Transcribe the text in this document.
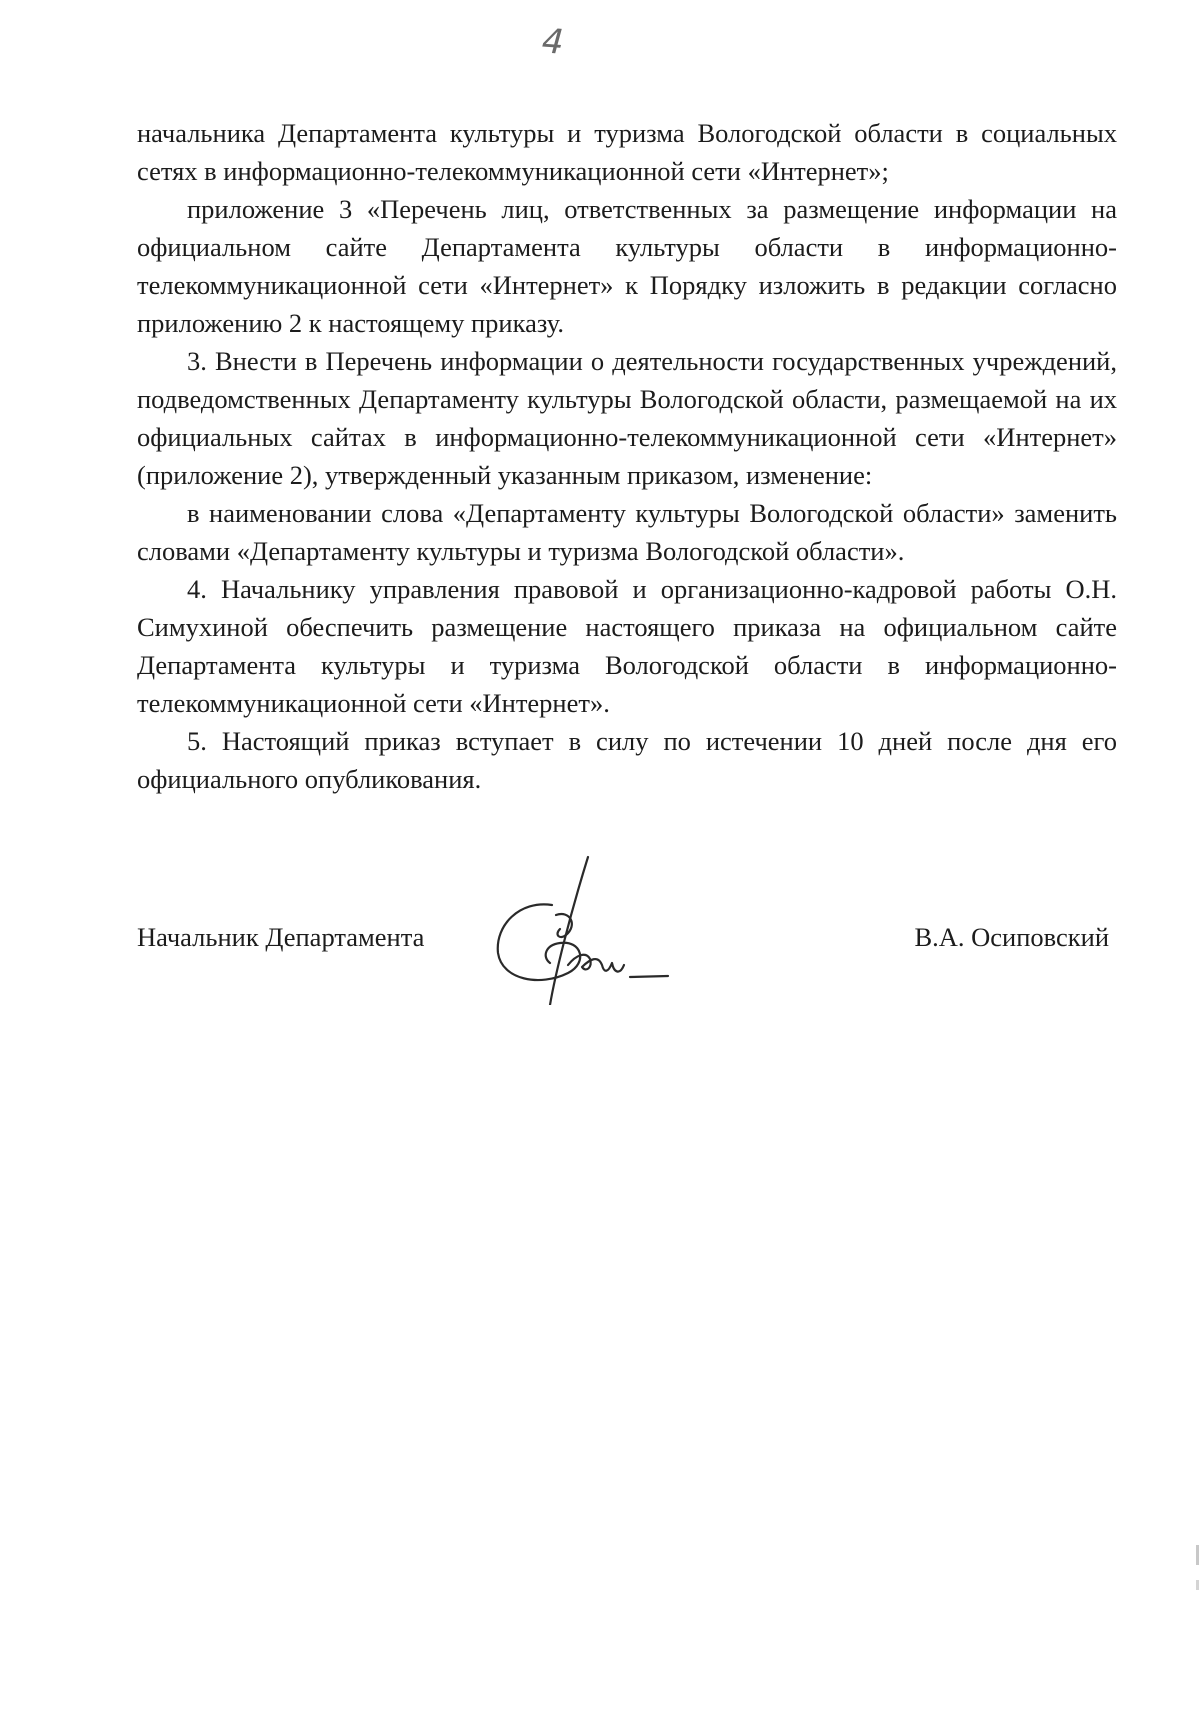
4

начальника Департамента культуры и туризма Вологодской области в социальных сетях в информационно-телекоммуникационной сети «Интернет»;

приложение 3 «Перечень лиц, ответственных за размещение информации на официальном сайте Департамента культуры области в информационно-телекоммуникационной сети «Интернет» к Порядку изложить в редакции согласно приложению 2 к настоящему приказу.

3. Внести в Перечень информации о деятельности государственных учреждений, подведомственных Департаменту культуры Вологодской области, размещаемой на их официальных сайтах в информационно-телекоммуникационной сети «Интернет» (приложение 2), утвержденный указанным приказом, изменение:

в наименовании слова «Департаменту культуры Вологодской области» заменить словами «Департаменту культуры и туризма Вологодской области».

4. Начальнику управления правовой и организационно-кадровой работы О.Н. Симухиной обеспечить размещение настоящего приказа на официальном сайте Департамента культуры и туризма Вологодской области в информационно-телекоммуникационной сети «Интернет».

5. Настоящий приказ вступает в силу по истечении 10 дней после дня его официального опубликования.

Начальник Департамента	В.А. Осиповский
